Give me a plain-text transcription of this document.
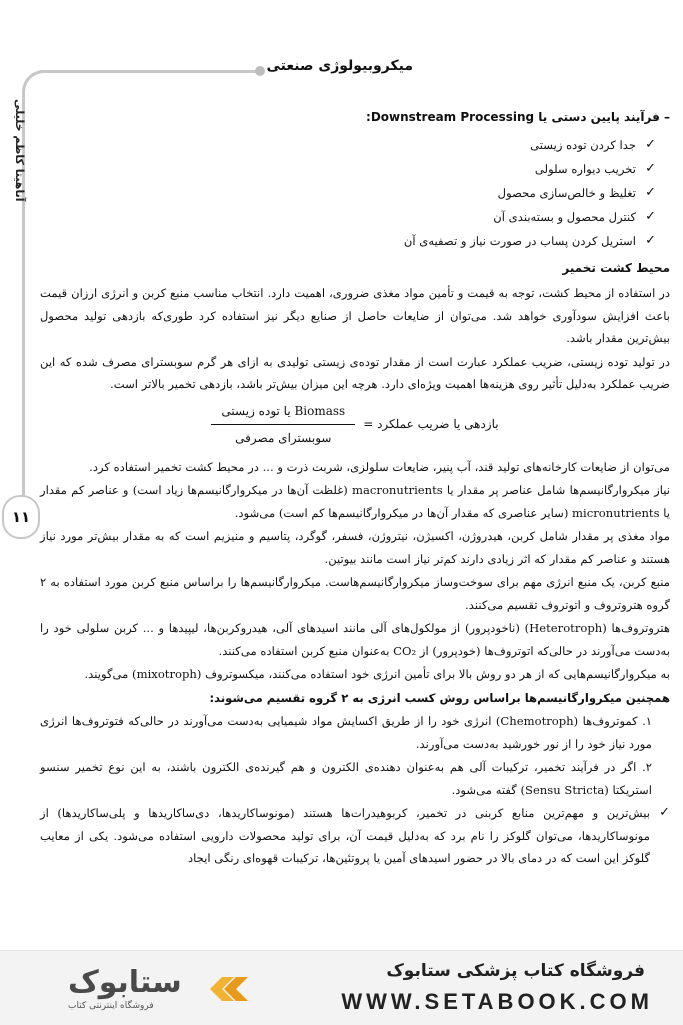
میکروبیولوژی صنعتی
آناهیتا کاظم خلیلی
۱۱
– فرآیند پایین دستی یا Downstream Processing:
✓
جدا کردن توده زیستی
✓
تخریب دیواره سلولی
✓
تغلیظ و خالص‌سازی محصول
✓
کنترل محصول و بسته‌بندی آن
✓
استریل کردن پساب در صورت نیاز و تصفیه‌ی آن
محیط کشت تخمیر

در استفاده از محیط کشت، توجه به قیمت و تأمین مواد مغذی ضروری، اهمیت دارد. انتخاب مناسب منبع کربن و انرژی ارزان قیمت باعث افزایش سودآوری خواهد شد. می‌توان از ضایعات حاصل از صنایع دیگر نیز استفاده کرد طوری‌که بازدهی تولید محصول بیش‌ترین مقدار باشد.

در تولید توده زیستی، ضریب عملکرد عبارت است از مقدار توده‌ی زیستی تولیدی به ازای هر گرم سوبسترای مصرف شده که این ضریب عملکرد به‌دلیل تأثیر روی هزینه‌ها اهمیت ویژه‌ای دارد. هرچه این میزان بیش‌تر باشد، بازدهی تخمیر بالاتر است.

بازدهی یا ضریب عملکرد =
$\frac{\text{Biomass یا توده زیستی}}{\text{سوبسترای مصرفی}}$

می‌توان از ضایعات کارخانه‌های تولید قند، آب پنیر، ضایعات سلولزی، شربت ذرت و ... در محیط کشت تخمیر استفاده کرد.

نیاز میکروارگانیسم‌ها شامل عناصر پر مقدار یا macronutrients (غلظت آن‌ها در میکروارگانیسم‌ها زیاد است) و عناصر کم مقدار یا micronutrients (سایر عناصری که مقدار آن‌ها در میکروارگانیسم‌ها کم است) می‌شود.

مواد مغذی پر مقدار شامل کربن، هیدروژن، اکسیژن، نیتروژن، فسفر، گوگرد، پتاسیم و منیزیم است که به مقدار بیش‌تر مورد نیاز هستند و عناصر کم مقدار که اثر زیادی دارند کم‌تر نیاز است مانند بیوتین.

منبع کربن، یک منبع انرژی مهم برای سوخت‌وساز میکروارگانیسم‌هاست. میکروارگانیسم‌ها را براساس منبع کربن مورد استفاده به ۲ گروه هتروتروف و اتوتروف تقسیم می‌کنند.

هتروتروف‌ها (Heterotroph) (ناخودپرور) از مولکول‌های آلی مانند اسیدهای آلی، هیدروکربن‌ها، لیپیدها و ... کربن سلولی خود را به‌دست می‌آورند در حالی‌که اتوتروف‌ها (خودپرور) از CO₂ به‌عنوان منبع کربن استفاده می‌کنند.

به میکروارگانیسم‌هایی که از هر دو روش بالا برای تأمین انرژی خود استفاده می‌کنند، میکسوتروف (mixotroph) می‌گویند.

همچنین میکروارگانیسم‌ها براساس روش کسب انرژی به ۲ گروه تقسیم می‌شوند:

۱. کموتروف‌ها (Chemotroph) انرژی خود را از طریق اکسایش مواد شیمیایی به‌دست می‌آورند در حالی‌که فتوتروف‌ها انرژی مورد نیاز خود را از نور خورشید به‌دست می‌آورند.

۲. اگر در فرآیند تخمیر، ترکیبات آلی هم به‌عنوان دهنده‌ی الکترون و هم گیرنده‌ی الکترون باشند، به این نوع تخمیر سنسو استریکتا (Sensu Stricta) گفته می‌شود.

✓
بیش‌ترین و مهم‌ترین منابع کربنی در تخمیر، کربوهیدرات‌ها هستند (مونوساکاریدها، دی‌ساکاریدها و پلی‌ساکاریدها) از مونوساکاریدها، می‌توان گلوکز را نام برد که به‌دلیل قیمت آن، برای تولید محصولات دارویی استفاده می‌شود. یکی از معایب گلوکز این است که در دمای بالا در حضور اسیدهای آمین یا پروتئین‌ها، ترکیبات قهوه‌ای رنگی ایجاد
ستابوک
فروشگاه اینترنتی کتاب
فروشگاه کتاب پزشکی ستابوک
WWW.SETABOOK.COM
